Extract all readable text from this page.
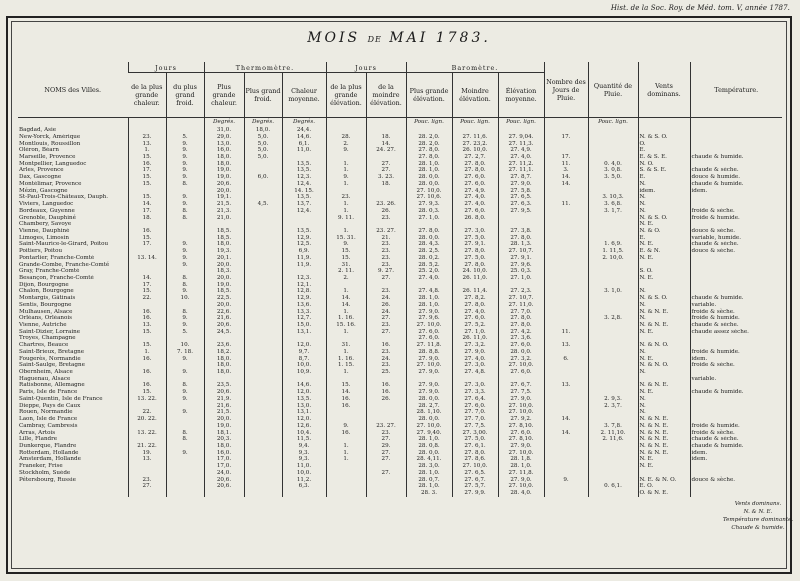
Hist. de la Soc. Roy. de Méd. tom. V, année 1787.
MOIS DE MAI 1783.
NOMS des Villes.	Jours		Thermomètre.			Jours		Baromètre.			Nombre des Jours de Pluie.	Quantité de Pluie.	Vents dominans.	Température.
	de la plus grande chaleur.	du plus grand froid.	Plus grande chaleur.	Plus grand froid.	Chaleur moyenne.	de la plus grande élévation.	de la moindre élévation.	Plus grande élévation.	Moindre élévation.	Élévation moyenne.				
			Degrés.	Degrés.	Degrés.			Pouc. lign.	Pouc. lign.	Pouc. lign.		Pouc. lign.		
Bagdad, Asie			31,0.	18,0.	24,4.									
New-Yorck, Amérique	23.	5.	29,0.	5,0.	14,6.	28.	18.	28. 2,0.	27. 11,6.	27. 9,04.	17.		N. & S. O.	
Montlouis, Roussillon	13.	9.	13,0.	5,0.	6,1.	2.	14.	28. 2,0.	27. 23,2.	27. 11,3.			O.	
Oléron, Béarn	1.	9.	16,0.	5,0.	11,0.	9.	24. 27.	27. 8,0.	26. 10,0.	27. 4,9.			E.	
Marseille, Provence	15.	9.	18,0.	5,0.				27. 8,0.	27. 2,7.	27. 4,0.	17.		E. & S. E.	chaude & humide.
Montpellier, Languedoc	16.	9.	18,0.		13,5.	1.	27.	28. 1,0.	27. 8,0.	27. 11,2.	11.	0. 4,0.	N. O.	
Arles, Provence	17.	9.	19,0.		13,5.	1.	27.	28. 1,0.	27. 8,0.	27. 11,1.	3.	3. 0,8.	S. & S. E.	chaude & sèche.
Dax, Gascogne	15.	9.	19,0.	6,0.	12,3.	9.	3. 23.	28. 0,0.	27. 6,0.	27. 8,7.	14.	3. 5,0.	E.	douce & humide.
Montélimar, Provence	15.	8.	20,6.		12,4.	1.	18.	28. 0,0.	27. 6,0.	27. 9,0.	14.		N.	chaude & humide.
Mézin, Gascogne			20,0.		14. 15.			27. 10,0.	27. 4,9.	27. 5,8.			idem.	idem.
St-Paul-Trois-Châteaux, Dauph.	15.	9.	19,1.		13,5.	23.		27. 10,6.	27. 4,0.	27. 6,5.		3. 10,3.	N.	
Viviers, Languedoc	14.	9.	21,5.	4,5.	13,7.	1.	23. 26.	27. 9,3.	27. 4,0.	27. 6,3.	11.	3. 6,8.	N.	
Bordeaux, Guyenne	17.	8.	21,3.		12,4.	1.	26.	28. 0,3.	27. 6,0.	27. 9,5.		3. 1,7.	N.	froide & sèche.
Grenoble, Dauphiné	18.	8.	21,0.			9. 11.	23.	27. 1,0.	26. 8,0.				N. & S. O.	froide & humide.
Chambery, Savoye													N. E.	
Vienne, Dauphiné	16.		18,5.		13,5.	1.	23. 27.	27. 8,0.	27. 3,0.	27. 3,8.			N. & O.	douce & sèche.
Limoges, Limosin	15.		18,5.		12,9.	15. 31.	21.	28. 0,0.	27. 5,0.	27. 8,0.			E.	variable, humide.
Saint-Maurice-le-Girard, Poitou	17.	9.	18,0.		12,5.	9.	23.	28. 4,3.	27. 9,1.	28. 1,3.		1. 6,9.	N. E.	chaude & sèche.
Poitiers, Poitou		9.	19,3.		6,9.	15.	23.	28. 2,5.	27. 8,0.	27. 10,7.		1. 11,5.	E. & N.	douce & sèche.
Pontarlier, Franche-Comté	13. 14.	9.	20,1.		11,9.	15.	23.	28. 0,2.	27. 5,0.	27. 9,1.		2. 10,0.	N. E.	
Grande-Combe, Franche-Comté		9.	20,0.		11,9.	31.	23.	28. 5,2.	27. 8,0.	27. 9,6.				
Gray, Franche-Comté			18,3.			2. 11.	9. 27.	25. 2,0.	24. 10,0.	25. 0,3.			S. O.	
Besançon, Franche-Comté	14.	8.	20,0.		12,3.	2.	27.	27. 4,0.	26. 11,0.	27. 1,0.			N. E.	
Dijon, Bourgogne	17.	8.	19,0.		12,1.									
Chalon, Bourgogne	15.	9.	18,5.		12,8.	1.	23.	27. 4,8.	26. 11,4.	27. 2,3.		3. 1,0.	N.	
Montargis, Gâtinais	22.	10.	22,5.		12,9.	14.	24.	28. 1,0.	27. 8,2.	27. 10,7.			N. & S. O.	chaude & humide.
Sentis, Bourgogne			20,0.		13,6.	14.	26.	28. 1,0.	27. 8,0.	27. 11,0.			N.	variable.
Mulhausen, Alsace	16.	8.	22,6.		13,3.	1.	24.	27. 9,0.	27. 4,0.	27. 7,0.			N. & N. E.	froide & sèche.
Orléans, Orléanois	16.	9.	21,6.		12,7.	1. 16.	27.	27. 9,6.	27. 6,0.	27. 8,0.		3. 2,8.	N.	froide & humide.
Vienne, Autriche	13.	9.	20,6.		15,0.	15. 16.	23.	27. 10,0.	27. 5,2.	27. 8,0.			N. & N. E.	chaude & sèche.
Saint-Dizier, Lorraine	15.	5.	24,5.		13,1.	1.	27.	27. 6,0.	27. 1,0.	27. 4,2.	11.		N. E.	chaude assez sèche.
Troyes, Champagne								27. 6,0.	26. 11,0.	27. 3,6.				
Chartres, Beauce	15.	10.	23,6.		12,0.	31.	16.	27. 11,8.	27. 3,2.	27. 6,0.	13.		N. & N. O.	
Saint-Brieux, Bretagne	1.	7. 18.	18,2.		9,7.	1.	23.	28. 8,8.	27. 9,0.	28. 0,0.			N.	froide & humide.
Fougerès, Normandie	16.	9.	18,0.		8,7.	1. 16.	24.	27. 9,0.	27. 4,0.	27. 3,2.	6.		N. E.	idem.
Saint-Saulge, Bretagne			18,0.		10,0.	1. 15.	23.	27. 10,0.	27. 3,0.	27. 10,0.			N. & N. O.	froide & sèche.
Obernheim, Alsace	16.	9.	18,0.		10,9.	1.	25.	27. 9,0.	27. 4,8.	27. 6,0.			N.	
Haguenau, Alsace														variable.
Ratisbonne, Allemagne	16.	8.	23,5.		14,6.	15.	16.	27. 9,0.	27. 3,0.	27. 6,7.	13.		N. & N. E.	
Paris, Isle de France	15.	9.	20,6.		12,0.	14.	16.	27. 9,0.	27. 3,3.	27. 7,5.			N. E.	chaude & humide.
Saint-Quentin, Isle de France	13. 22.	9.	21,9.		13,5.	16.	26.	28. 0,0.	27. 6,4.	27. 9,0.		2. 9,3.	N.	
Dieppe, Pays de Caux			21,6.		13,0.	16.		28. 2,7.	27. 6,0.	27. 10,0.		2. 3,7.	N.	
Rouen, Normandie	22.	9.	21,5.		13,1.			28. 1,10.	27. 7,0.	27. 10,0.			N.	
Laon, Isle de France	20. 22.		20,0.		12,0.			28. 0,0.	27. 7,0.	27. 9,2.	14.		N. & N. E.	
Cambray, Cambresis			19,0.		12,6.	9.	23. 27.	27. 10,0.	27. 7,5.	27. 8,10.		3. 7,8.	N. & N. E.	froide & humide.
Arras, Artois	13. 22.	8.	18,1.		10,4.	16.	23.	27. 9,40.	27. 3,00.	27. 6,0.	14.	2. 11,10.	N. & N. E.	froide & sèche.
Lille, Flandre		8.	20,3.		11,5.		27.	28. 1,0.	27. 5,0.	27. 8,10.		2. 11,6.	N. & N. E.	chaude & sèche.
Dunkerque, Flandre	21. 22.		18,0.		9,4.	1.	29.	28. 0,8.	27. 6,1.	27. 9,0.			N. & N. E.	chaude & humide.
Rotterdam, Hollande	19.	9.	16,0.		9,3.	1.	27.	28. 0,0.	27. 8,0.	27. 10,0.			N. & N. E.	idem.
Amsterdam, Hollande	13.		17,0.		9,3.	1.	27.	28. 4,11.	27. 8,6.	28. 1,8.			N. E.	idem.
Franeker, Frise			17,0.		11,0.			28. 3,0.	27. 10,0.	28. 1,0.			N. E.	
Stockholm, Suède			24,0.		10,0.		27.	28. 1,0.	27. 6,5.	27. 11,8.				
Pétersbourg, Russie	23.		20,6.		11,2.			28. 0,7.	27. 6,7.	27. 9,0.	9.		N. E. & N. O.	douce & sèche.
	27.		20,6.		6,3.			28. 1,0.	27. 5,7.	27. 10,0.		0. 6,1.	E. O.	
								28. 3.	27. 9,9.	28. 4,0.			O. & N. E.	
Vents dominans.
N. & N. E.
Température dominante.
Chaude & humide.
